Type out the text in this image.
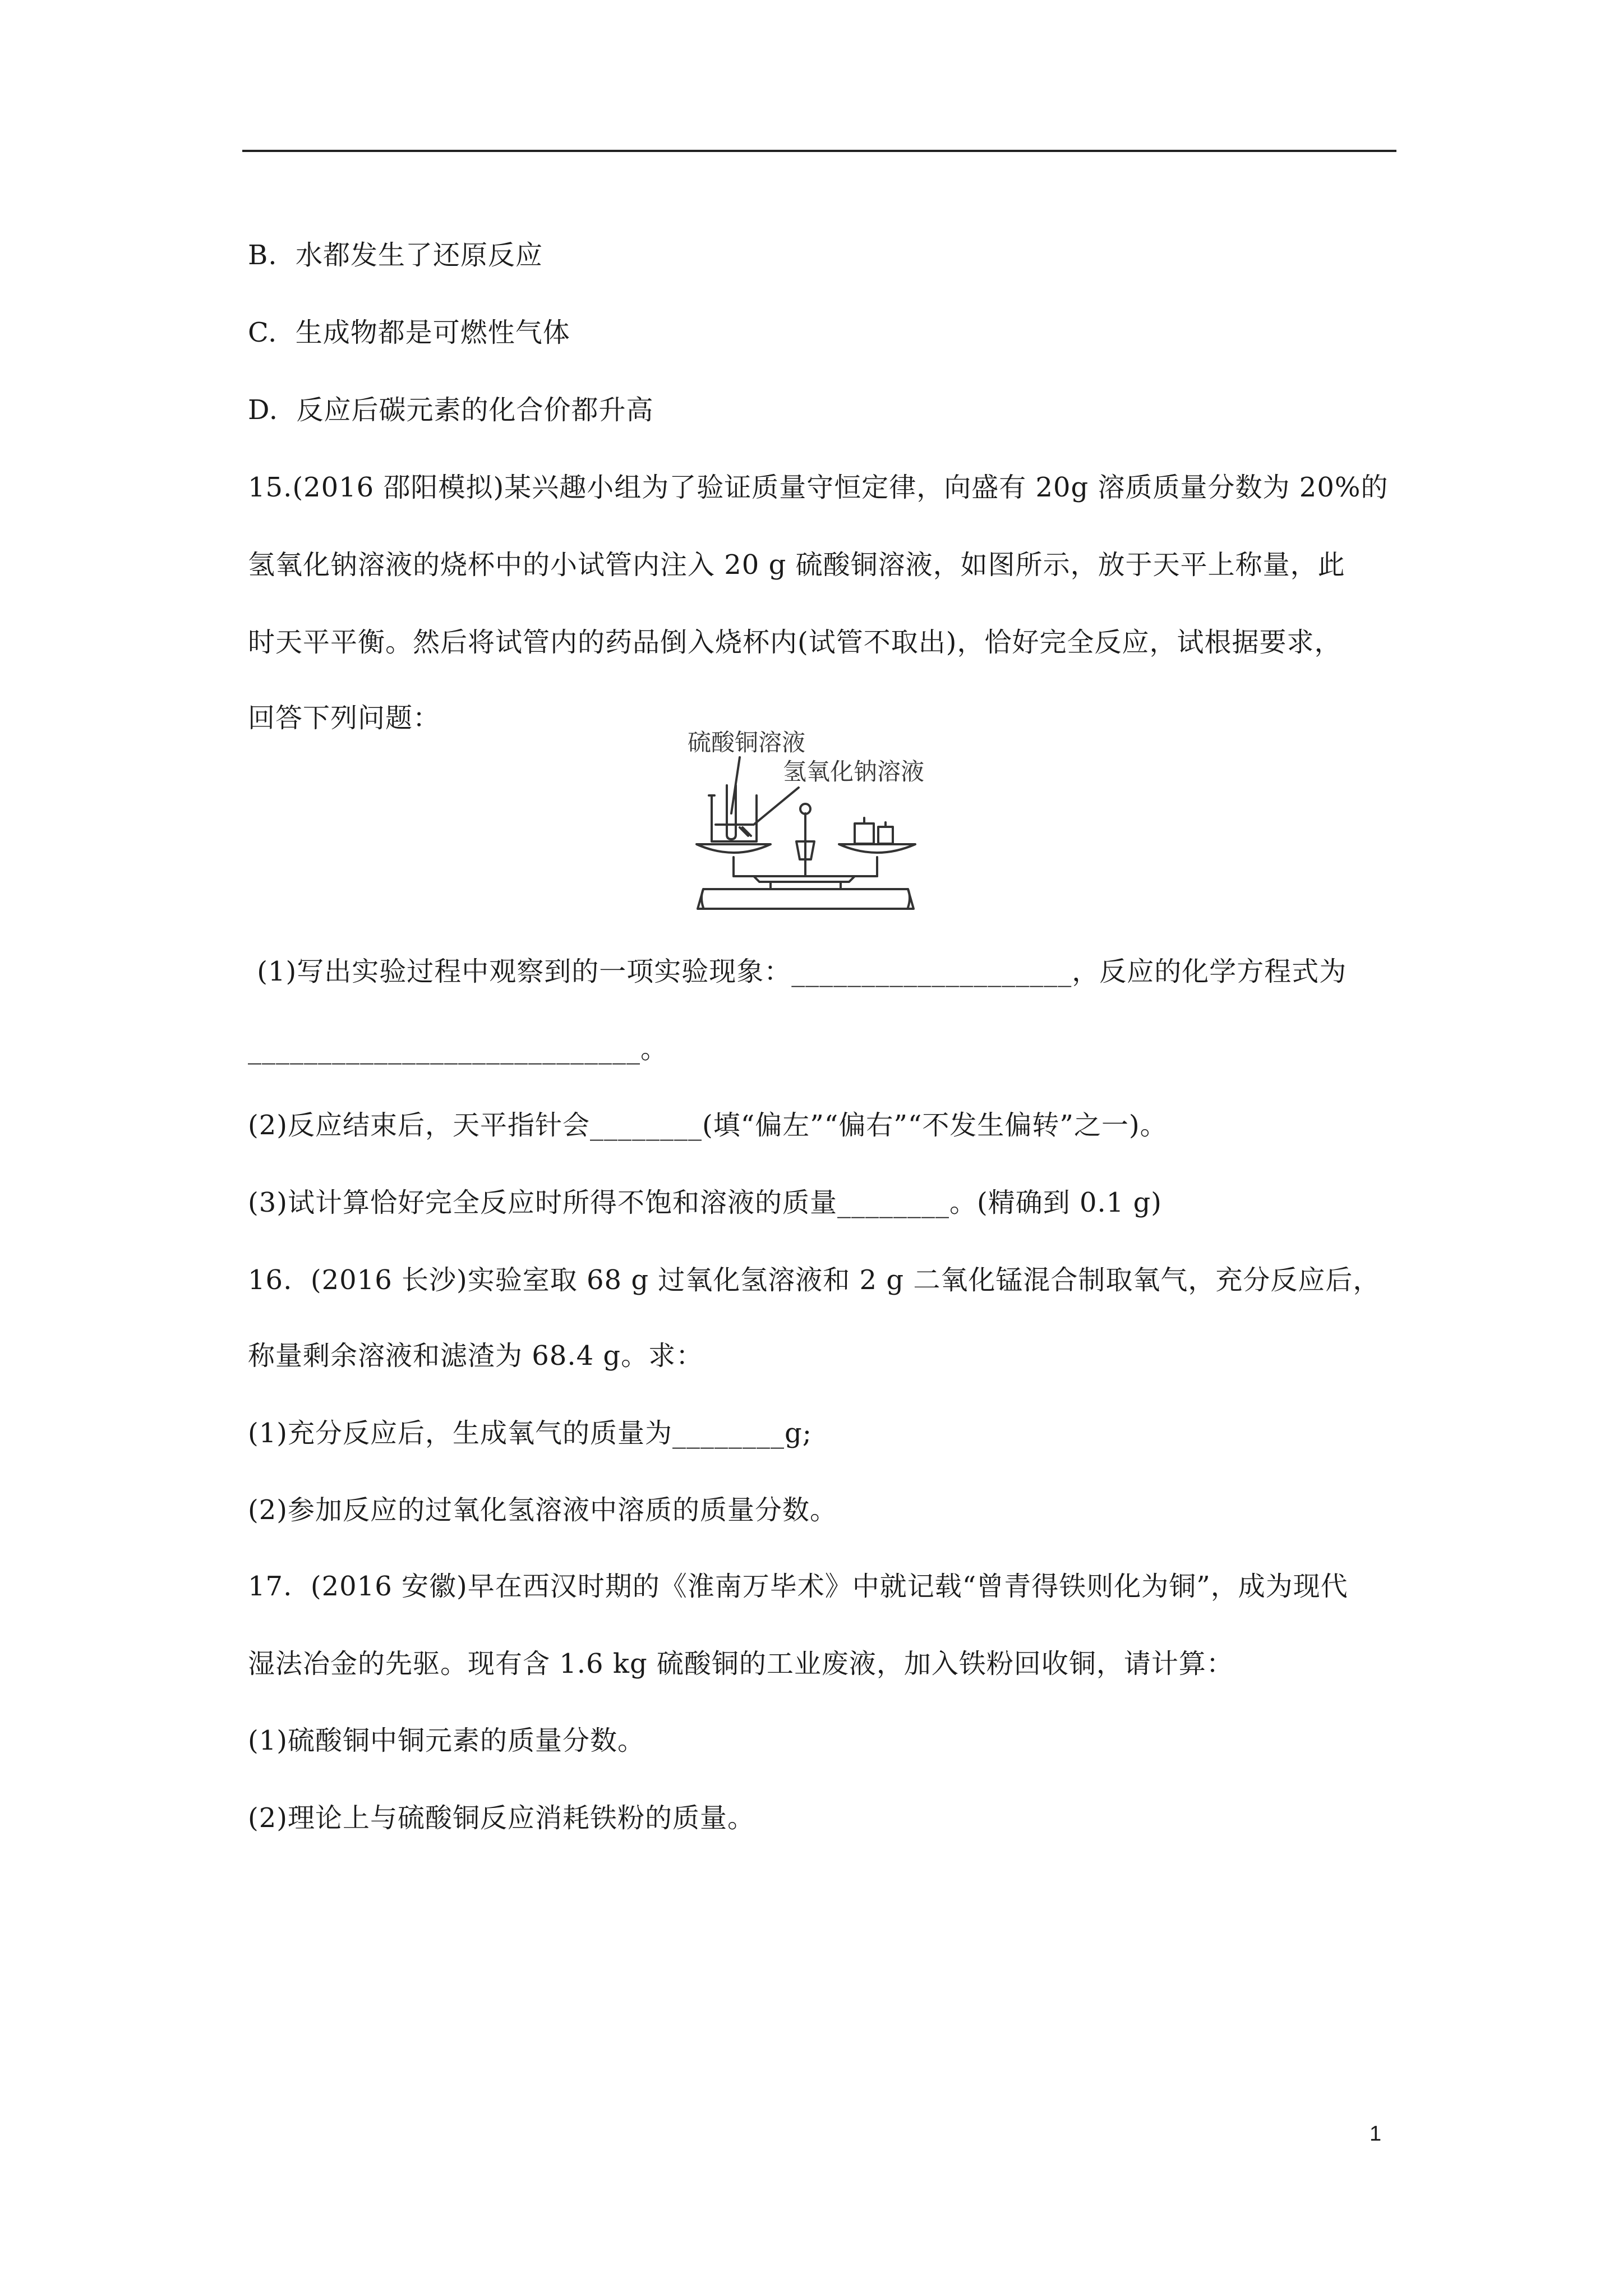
B.  水都发生了还原反应
C.  生成物都是可燃性气体
D.  反应后碳元素的化合价都升高
15.(2016 邵阳模拟)某兴趣小组为了验证质量守恒定律，向盛有 20g 溶质质量分数为 20%的
氢氧化钠溶液的烧杯中的小试管内注入 20 g 硫酸铜溶液，如图所示，放于天平上称量，此
时天平平衡。然后将试管内的药品倒入烧杯内(试管不取出)，恰好完全反应，试根据要求，
回答下列问题：
硫酸铜溶液
氢氧化钠溶液
(1)写出实验过程中观察到的一项实验现象：____________________，反应的化学方程式为
____________________________。
(2)反应结束后，天平指针会________(填“偏左”“偏右”“不发生偏转”之一)。
(3)试计算恰好完全反应时所得不饱和溶液的质量________。(精确到 0.1 g)
16.  (2016 长沙)实验室取 68 g 过氧化氢溶液和 2 g 二氧化锰混合制取氧气，充分反应后，
称量剩余溶液和滤渣为 68.4 g。求：
(1)充分反应后，生成氧气的质量为________g;
(2)参加反应的过氧化氢溶液中溶质的质量分数。
17.  (2016 安徽)早在西汉时期的《淮南万毕术》中就记载“曾青得铁则化为铜”，成为现代
湿法冶金的先驱。现有含 1.6 kg 硫酸铜的工业废液，加入铁粉回收铜，请计算：
(1)硫酸铜中铜元素的质量分数。
(2)理论上与硫酸铜反应消耗铁粉的质量。
1
